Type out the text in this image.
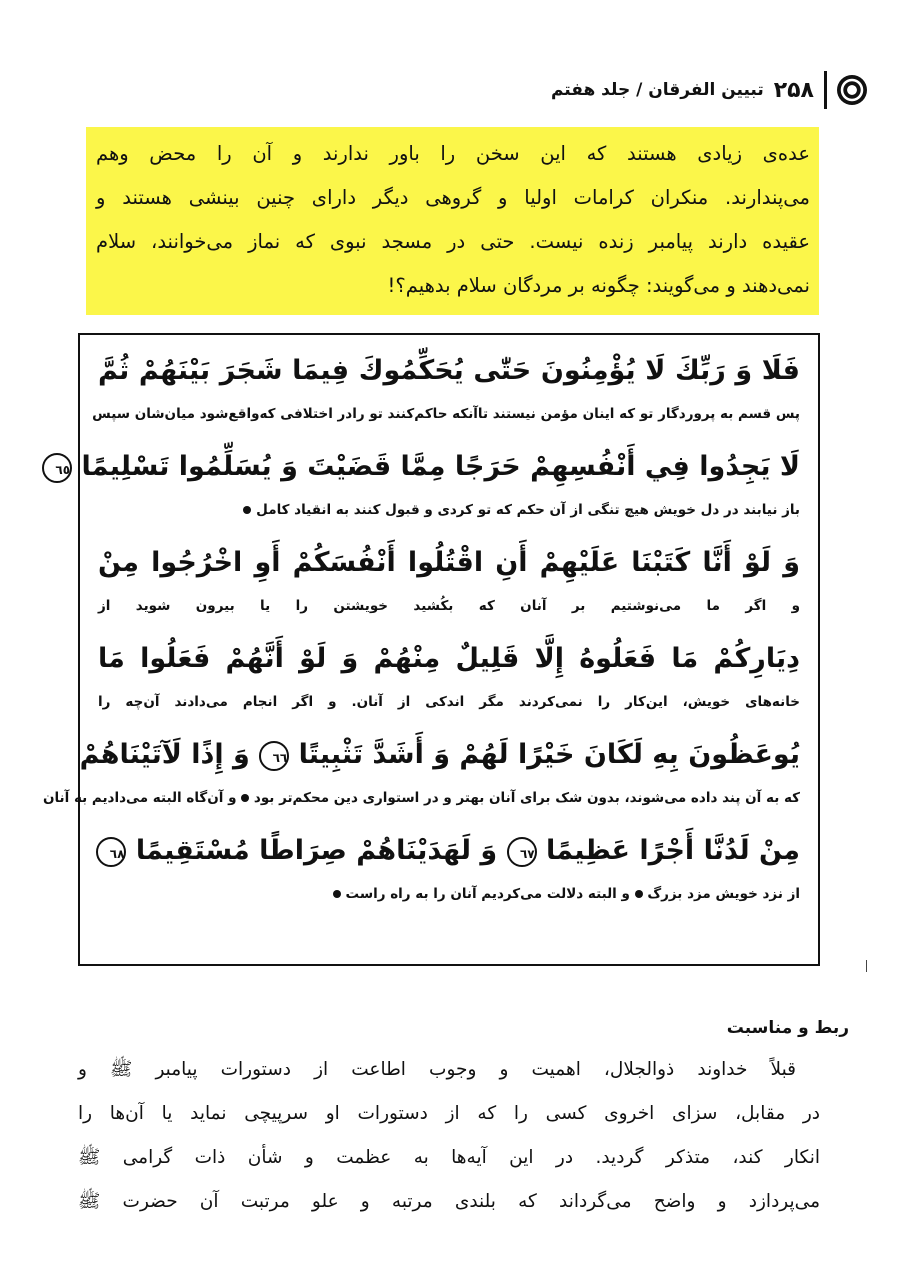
۲۵۸
تبیین الفرقان / جلد هفتم

عده‌ی زیادی هستند که این سخن را باور ندارند و آن را محض وهم

می‌پندارند. منکران کرامات اولیا و گروهی دیگر دارای چنین بینشی هستند و

عقیده دارند پیامبر زنده نیست. حتی در مسجد نبوی که نماز می‌خوانند، سلام

نمی‌دهند و می‌گویند: چگونه بر مردگان سلام بدهیم؟!

فَلَا وَ رَبِّكَ لَا يُؤْمِنُونَ حَتّٰى يُحَكِّمُوكَ فِيمَا شَجَرَ بَيْنَهُمْ ثُمَّ
پس قسم به پروردگار تو که اینان مؤمن نیستند تاآنکه حاکم‌کنند تو رادر اختلافی که‌واقع‌شود میان‌شان سپس
لَا يَجِدُوا فِي أَنْفُسِهِمْ حَرَجًا مِمَّا قَضَيْتَ وَ يُسَلِّمُوا تَسْلِيمًا ٦٥
باز نیابند در دل خویش هیچ تنگی از آن حکم که تو کردی و قبول کنند به انقیاد کامل
وَ لَوْ أَنَّا كَتَبْنَا عَلَيْهِمْ أَنِ اقْتُلُوا أَنْفُسَكُمْ أَوِ اخْرُجُوا مِنْ
و اگر ما می‌نوشتیم بر آنان که بکُشید خویشتن را یا بیرون شوید از
دِيَارِكُمْ مَا فَعَلُوهُ إِلَّا قَلِيلٌ مِنْهُمْ وَ لَوْ أَنَّهُمْ فَعَلُوا مَا
خانه‌های خویش، این‌کار را نمی‌کردند مگر اندکی از آنان. و اگر انجام می‌دادند آن‌چه را
يُوعَظُونَ بِهِ لَكَانَ خَيْرًا لَهُمْ وَ أَشَدَّ تَثْبِيتًا ٦٦ وَ إِذًا لَآتَيْنَاهُمْ
که به آن پند داده می‌شوند، بدون شک برای آنان بهتر و در استواری دین محکم‌تر بود  و آن‌گاه البته می‌دادیم به آنان
مِنْ لَدُنَّا أَجْرًا عَظِيمًا ٦٧ وَ لَهَدَيْنَاهُمْ صِرَاطًا مُسْتَقِيمًا ٦٨
از نزد خویش مزد بزرگ  و البته دلالت می‌کردیم آنان را به راه راست
ربط و مناسبت

قبلاً خداوند ذوالجلال، اهمیت و وجوب اطاعت از دستورات پیامبر ﷺ و

در مقابل، سزای اخروی کسی را که از دستورات او سرپیچی نماید یا آن‌ها را

انکار کند، متذکر گردید. در این آیه‌ها به عظمت و شأن ذات گرامی ﷺ

می‌پردازد و واضح می‌گرداند که بلندی مرتبه و علو مرتبت آن حضرت ﷺ
